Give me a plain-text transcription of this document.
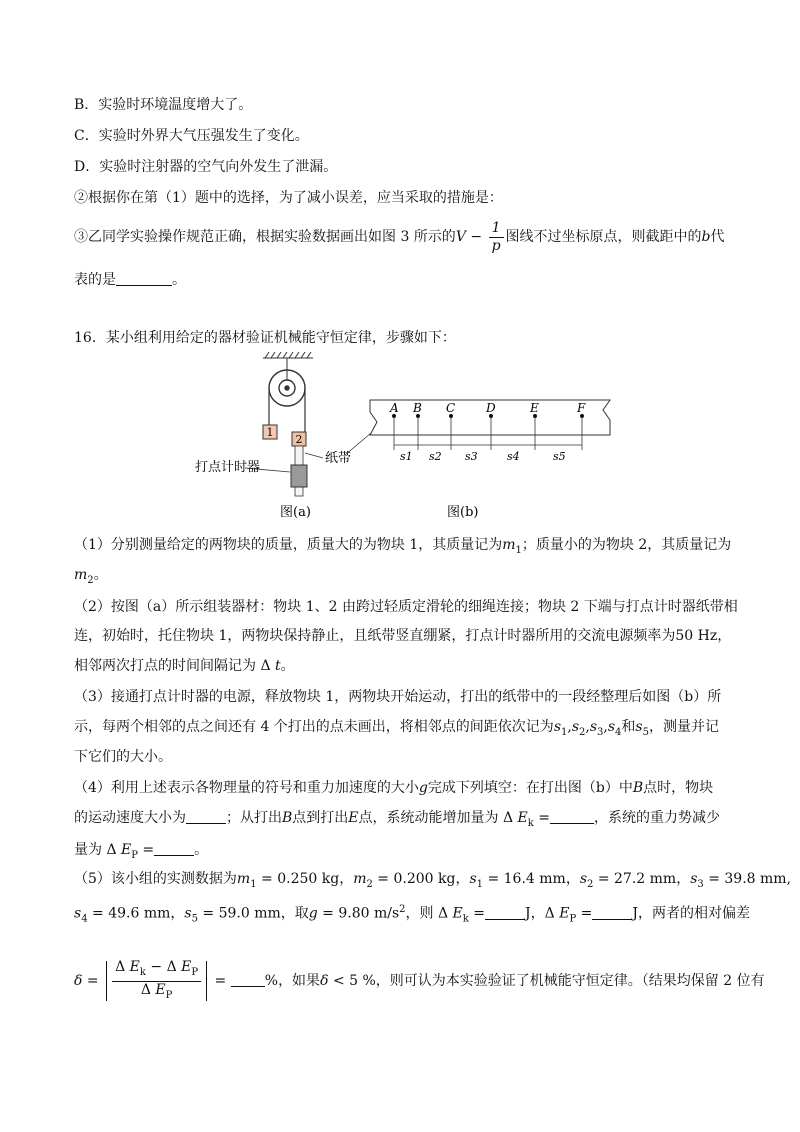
B．实验时环境温度增大了。
C．实验时外界大气压强发生了变化。
D．实验时注射器的空气向外发生了泄漏。
②根据你在第（1）题中的选择，为了减小误差，应当采取的措施是：
③乙同学实验操作规范正确，根据实验数据画出如图 3 所示的$V - \frac{1}{p}$ 图线不过坐标原点，则截距中的b代
表的是	。
16．某小组利用给定的器材验证机械能守恒定律，步骤如下：
1
2
打点计时器
纸带
图(a)
A B C	D	E	F
s1 s2 s3	s4	s5
图(b)
（1）分别测量给定的两物块的质量，质量大的为物块 1，其质量记为$m_1$；质量小的为物块 2，其质量记为
$m_2$。
（2）按图（a）所示组装器材：物块 1、2 由跨过轻质定滑轮的细绳连接；物块 2 下端与打点计时器纸带相
连，初始时，托住物块 1，两物块保持静止，且纸带竖直绷紧，打点计时器所用的交流电源频率为50 Hz，
相邻两次打点的时间间隔记为 Δ t。
（3）接通打点计时器的电源，释放物块 1，两物块开始运动，打出的纸带中的一段经整理后如图（b）所
示，每两个相邻的点之间还有 4 个打出的点未画出，将相邻点的间距依次记为$s_1,s_2,s_3,s_4$和$s_5$，测量并记
下它们的大小。
（4）利用上述表示各物理量的符号和重力加速度的大小g完成下列填空：在打出图（b）中B点时，物块
的运动速度大小为	；从打出B点到打出E点，系统动能增加量为 Δ $E_k$ =	，系统的重力势减少
量为 Δ $E_P$ =	。
（5）该小组的实测数据为$m_1 = 0.250$ kg，$m_2 = 0.200$ kg，$s_1 = 16.4$ mm，$s_2 = 27.2$ mm，$s_3 = 39.8$ mm,
$s_4 = 49.6$ mm，$s_5 = 59.0$ mm，取g = 9.80 $m/s^2$，则 Δ $E_k$ =	J，Δ $E_P$ =	J，两者的相对偏差
$\delta = \frac{\Delta E_k - \Delta E_P}{\Delta E_P}$ = %，如果δ < 5 %，则可认为本实验验证了机械能守恒定律。（结果均保留 2 位有
